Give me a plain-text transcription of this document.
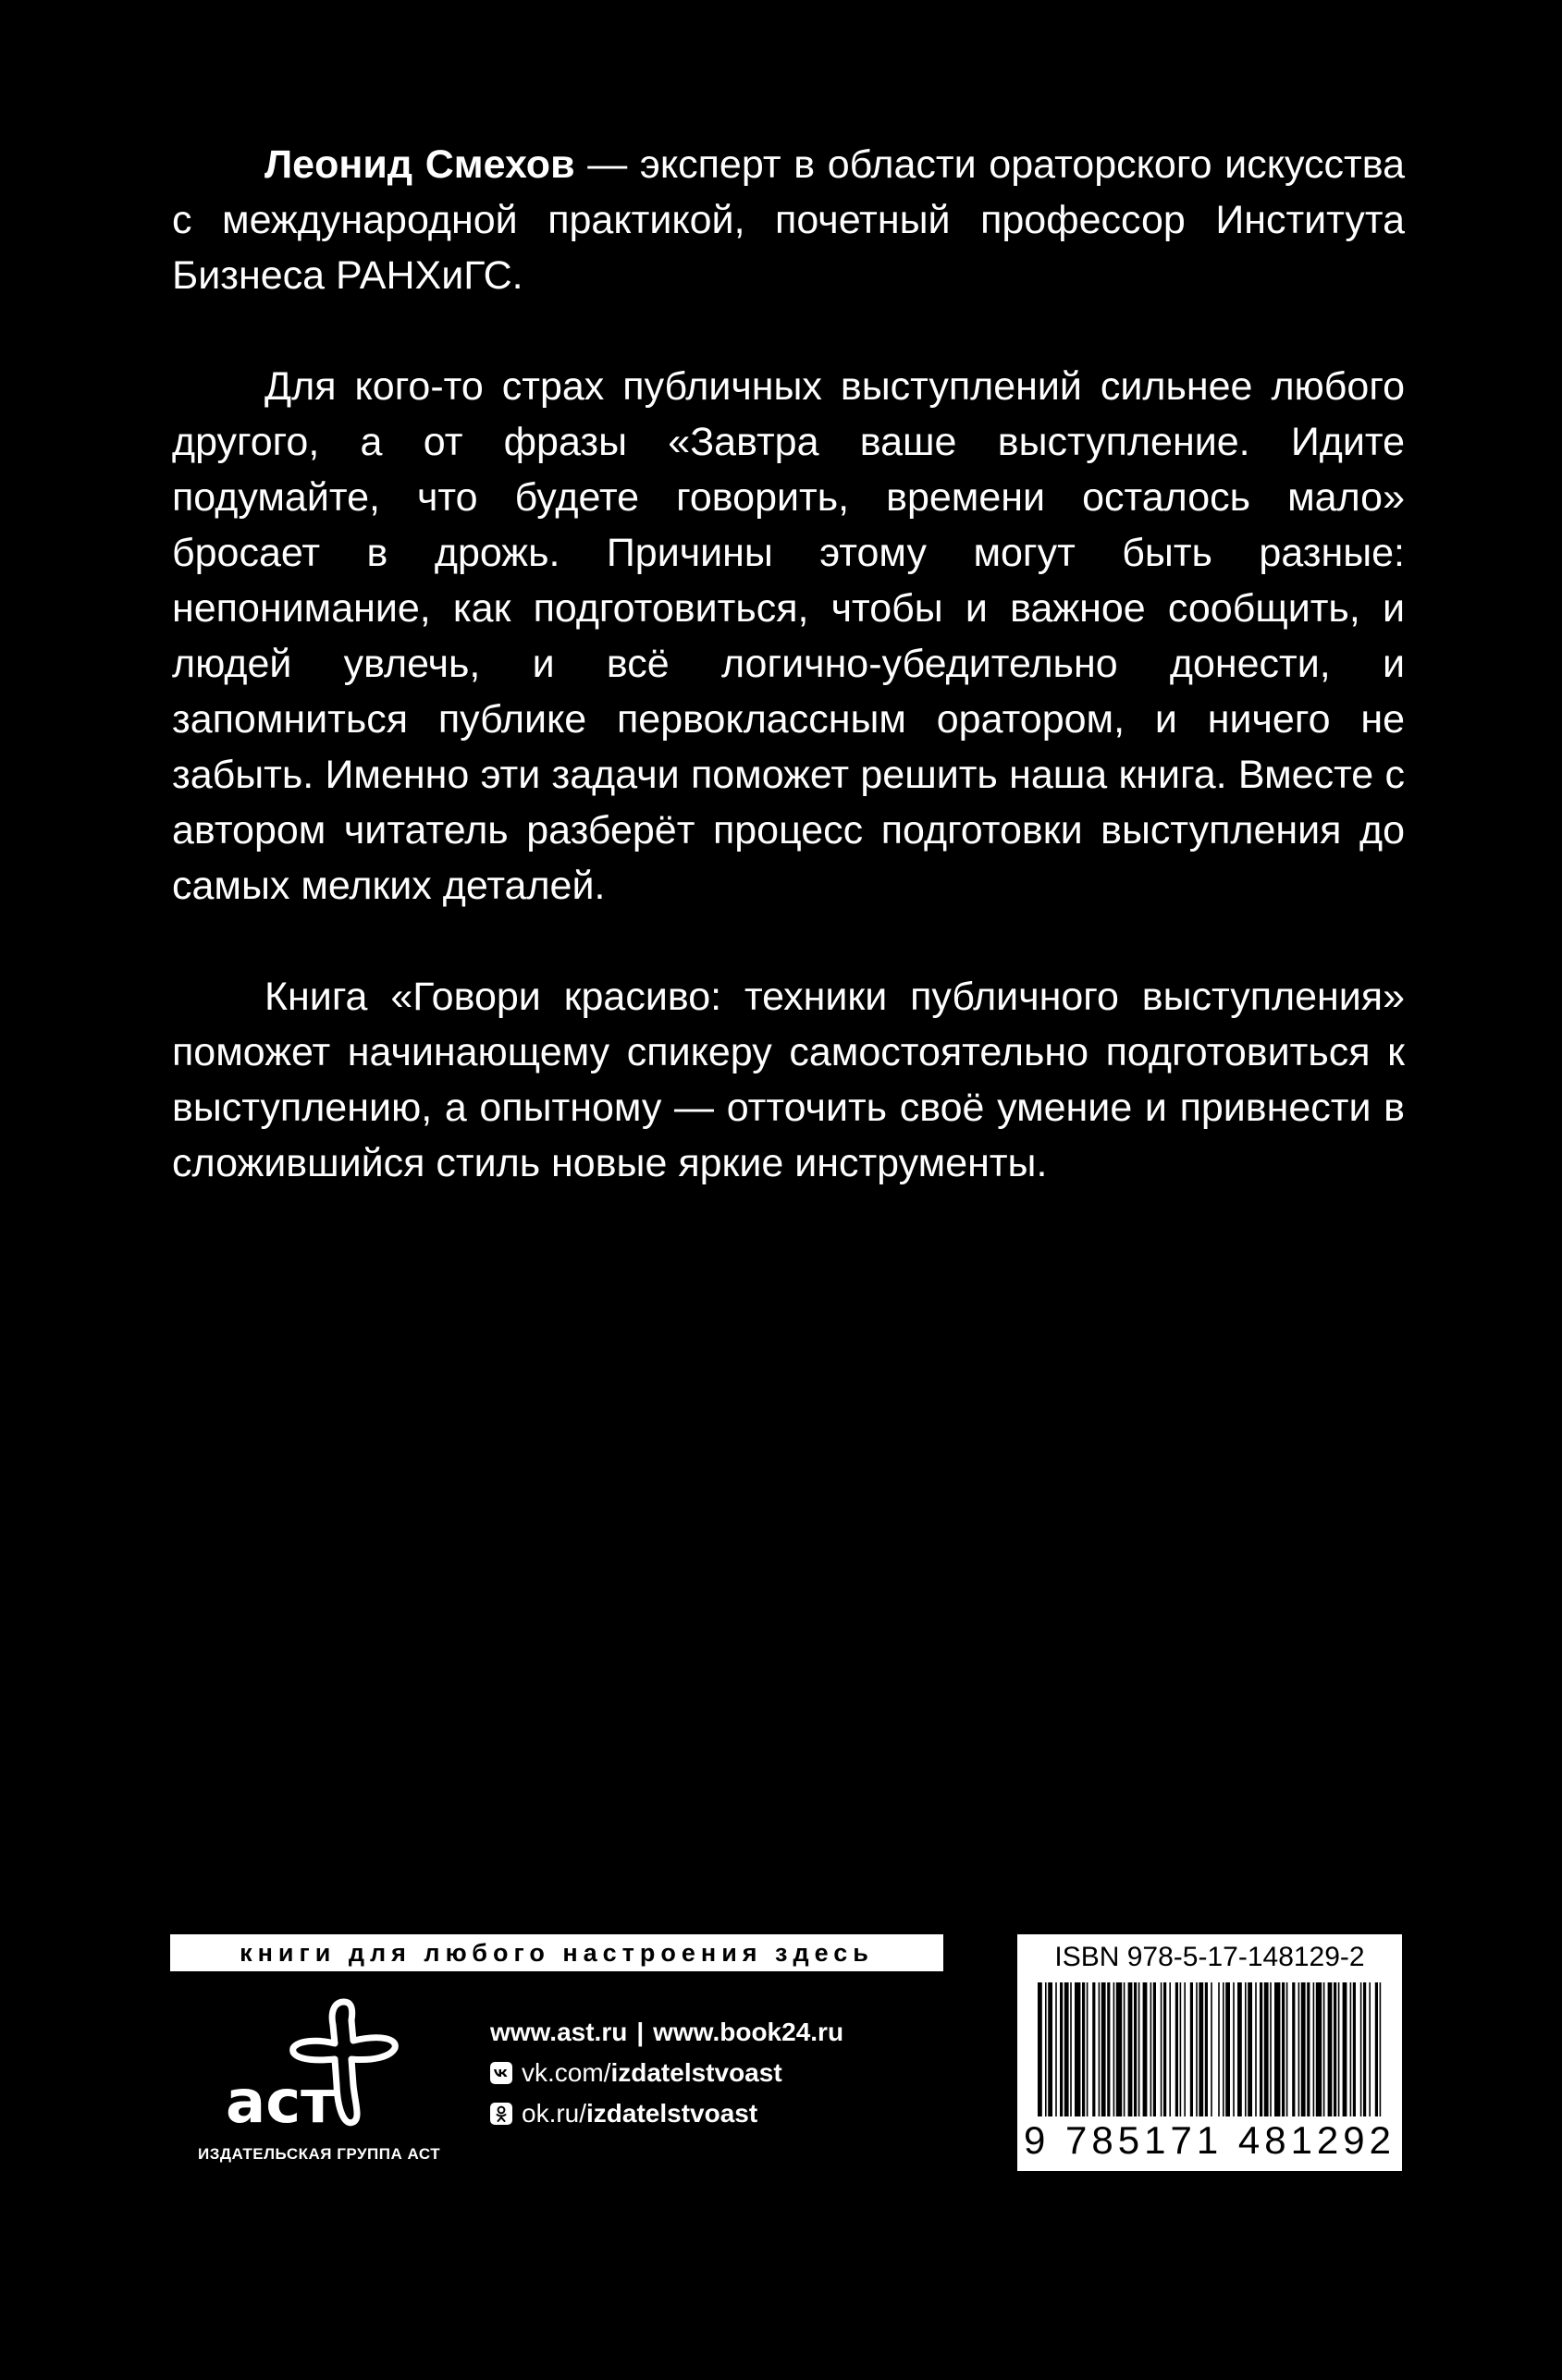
Леонид Смехов — эксперт в области ораторского искусства с международной практикой, почетный профессор Института Бизнеса РАНХиГС.

Для кого-то страх публичных выступлений сильнее любого другого, а от фразы «Завтра ваше выступление. Идите подумайте, что будете говорить, времени осталось мало» бросает в дрожь. Причины этому могут быть разные: непонимание, как подготовиться, чтобы и важное сообщить, и людей увлечь, и всё логично-убедительно донести, и запомниться публике первоклассным оратором, и ничего не забыть. Именно эти задачи поможет решить наша книга. Вместе с автором читатель разберёт процесс подготовки выступления до самых мелких деталей.

Книга «Говори красиво: техники публичного выступления» поможет начинающему спикеру самостоятельно подготовиться к выступлению, а опытному — отточить своё умение и привнести в сложившийся стиль новые яркие инструменты.

книги для любого настроения здесь
аст
ИЗДАТЕЛЬСКАЯ ГРУППА АСТ
www.ast.ru | www.book24.ru
vk.com/ izdatelstvoast
ok.ru/ izdatelstvoast
ISBN 978-5-17-148129-2
9 785171 481292
